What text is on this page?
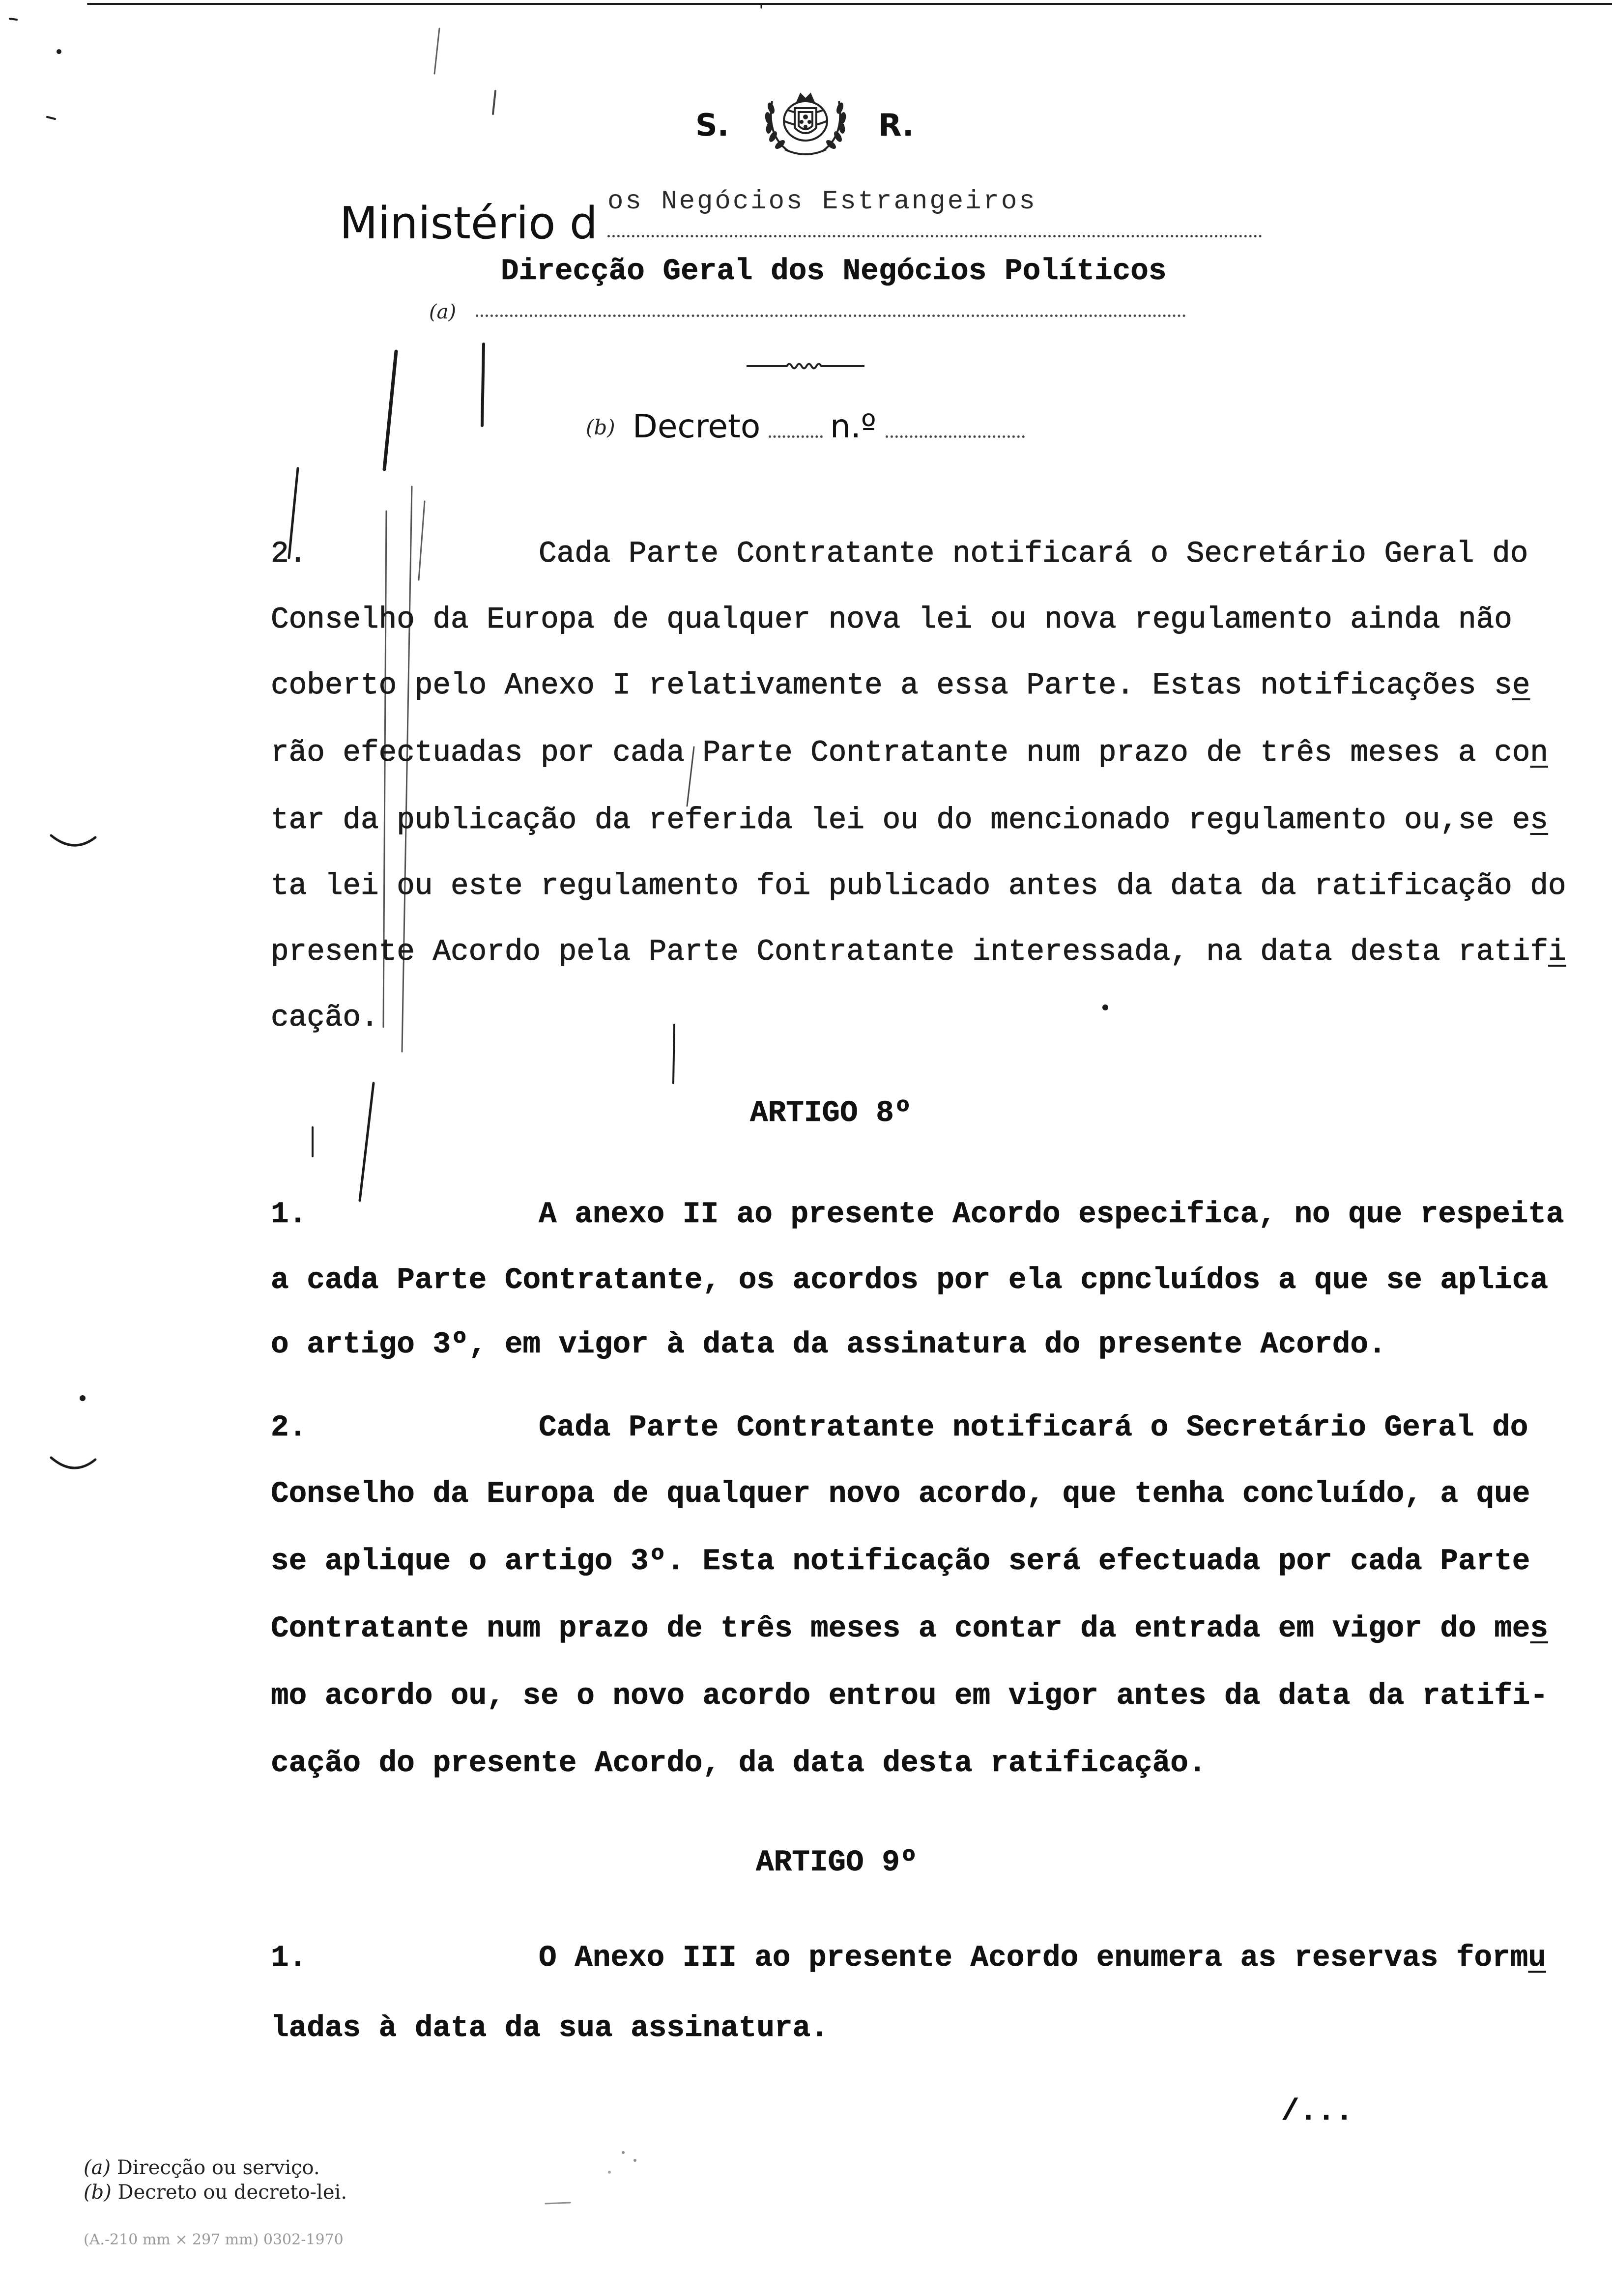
S.	R.
Ministério d os Negócios Estrangeiros
Direcção Geral dos Negócios Políticos
(a)
(b) Decreto n.º
2.	Cada Parte Contratante notificará o Secretário Geral do
Conselho da Europa de qualquer nova lei ou nova regulamento ainda não
coberto pelo Anexo I relativamente a essa Parte. Estas notificações se
rão efectuadas por cada Parte Contratante num prazo de três meses a con
tar da publicação da referida lei ou do mencionado regulamento ou,se es
ta lei ou este regulamento foi publicado antes da data da ratificação do
presente Acordo pela Parte Contratante interessada, na data desta ratifi
cação.
ARTIGO 8º
1.	A anexo II ao presente Acordo especifica, no que respeita
a cada Parte Contratante, os acordos por ela cpncluídos a que se aplica
o artigo 3º, em vigor à data da assinatura do presente Acordo.
2.	Cada Parte Contratante notificará o Secretário Geral do
Conselho da Europa de qualquer novo acordo, que tenha concluído, a que
se aplique o artigo 3º. Esta notificação será efectuada por cada Parte
Contratante num prazo de três meses a contar da entrada em vigor do mes
mo acordo ou, se o novo acordo entrou em vigor antes da data da ratifi-
cação do presente Acordo, da data desta ratificação.
ARTIGO 9º
1.	O Anexo III ao presente Acordo enumera as reservas formu
ladas à data da sua assinatura.
/...
(a) Direcção ou serviço.
(b) Decreto ou decreto-lei.
(A.-210 mm × 297 mm) 0302-1970
